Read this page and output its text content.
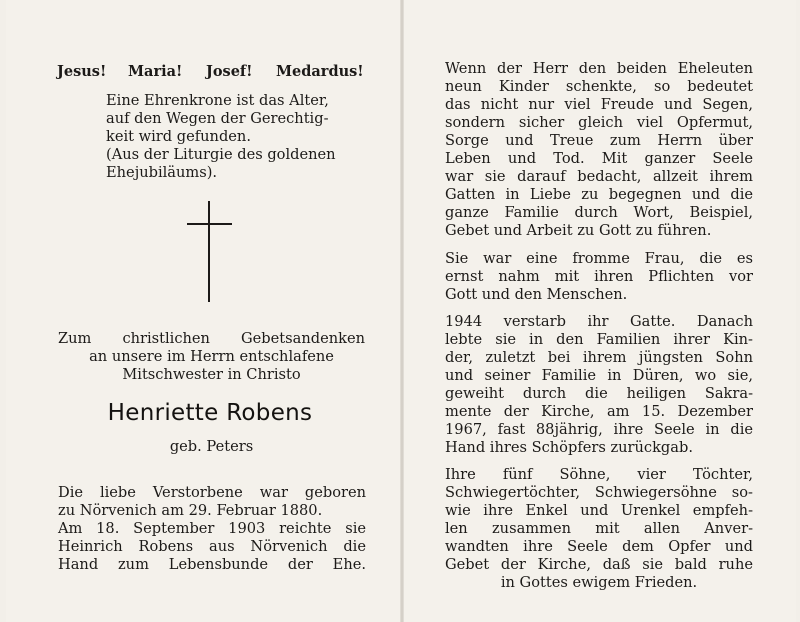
Jesus! Maria! Josef! Medardus!
Eine Ehrenkrone ist das Alter,
auf den Wegen der Gerechtig-
keit wird gefunden.
(Aus der Liturgie des goldenen
Ehejubiläums).
Zum christlichen Gebetsandenken
an unsere im Herrn entschlafene
Mitschwester in Christo
Henriette Robens
geb. Peters
Die liebe Verstorbene war geboren
zu Nörvenich am 29. Februar 1880.
Am 18. September 1903 reichte sie
Heinrich Robens aus Nörvenich die
Hand zum Lebensbunde der Ehe.
Wenn der Herr den beiden Eheleuten
neun Kinder schenkte, so bedeutet
das nicht nur viel Freude und Segen,
sondern sicher gleich viel Opfermut,
Sorge und Treue zum Herrn über
Leben und Tod. Mit ganzer Seele
war sie darauf bedacht, allzeit ihrem
Gatten in Liebe zu begegnen und die
ganze Familie durch Wort, Beispiel,
Gebet und Arbeit zu Gott zu führen.
Sie war eine fromme Frau, die es
ernst nahm mit ihren Pflichten vor
Gott und den Menschen.
1944 verstarb ihr Gatte. Danach
lebte sie in den Familien ihrer Kin-
der, zuletzt bei ihrem jüngsten Sohn
und seiner Familie in Düren, wo sie,
geweiht durch die heiligen Sakra-
mente der Kirche, am 15. Dezember
1967, fast 88jährig, ihre Seele in die
Hand ihres Schöpfers zurückgab.
Ihre fünf Söhne, vier Töchter,
Schwiegertöchter, Schwiegersöhne so-
wie ihre Enkel und Urenkel empfeh-
len zusammen mit allen Anver-
wandten ihre Seele dem Opfer und
Gebet der Kirche, daß sie bald ruhe
in Gottes ewigem Frieden.
